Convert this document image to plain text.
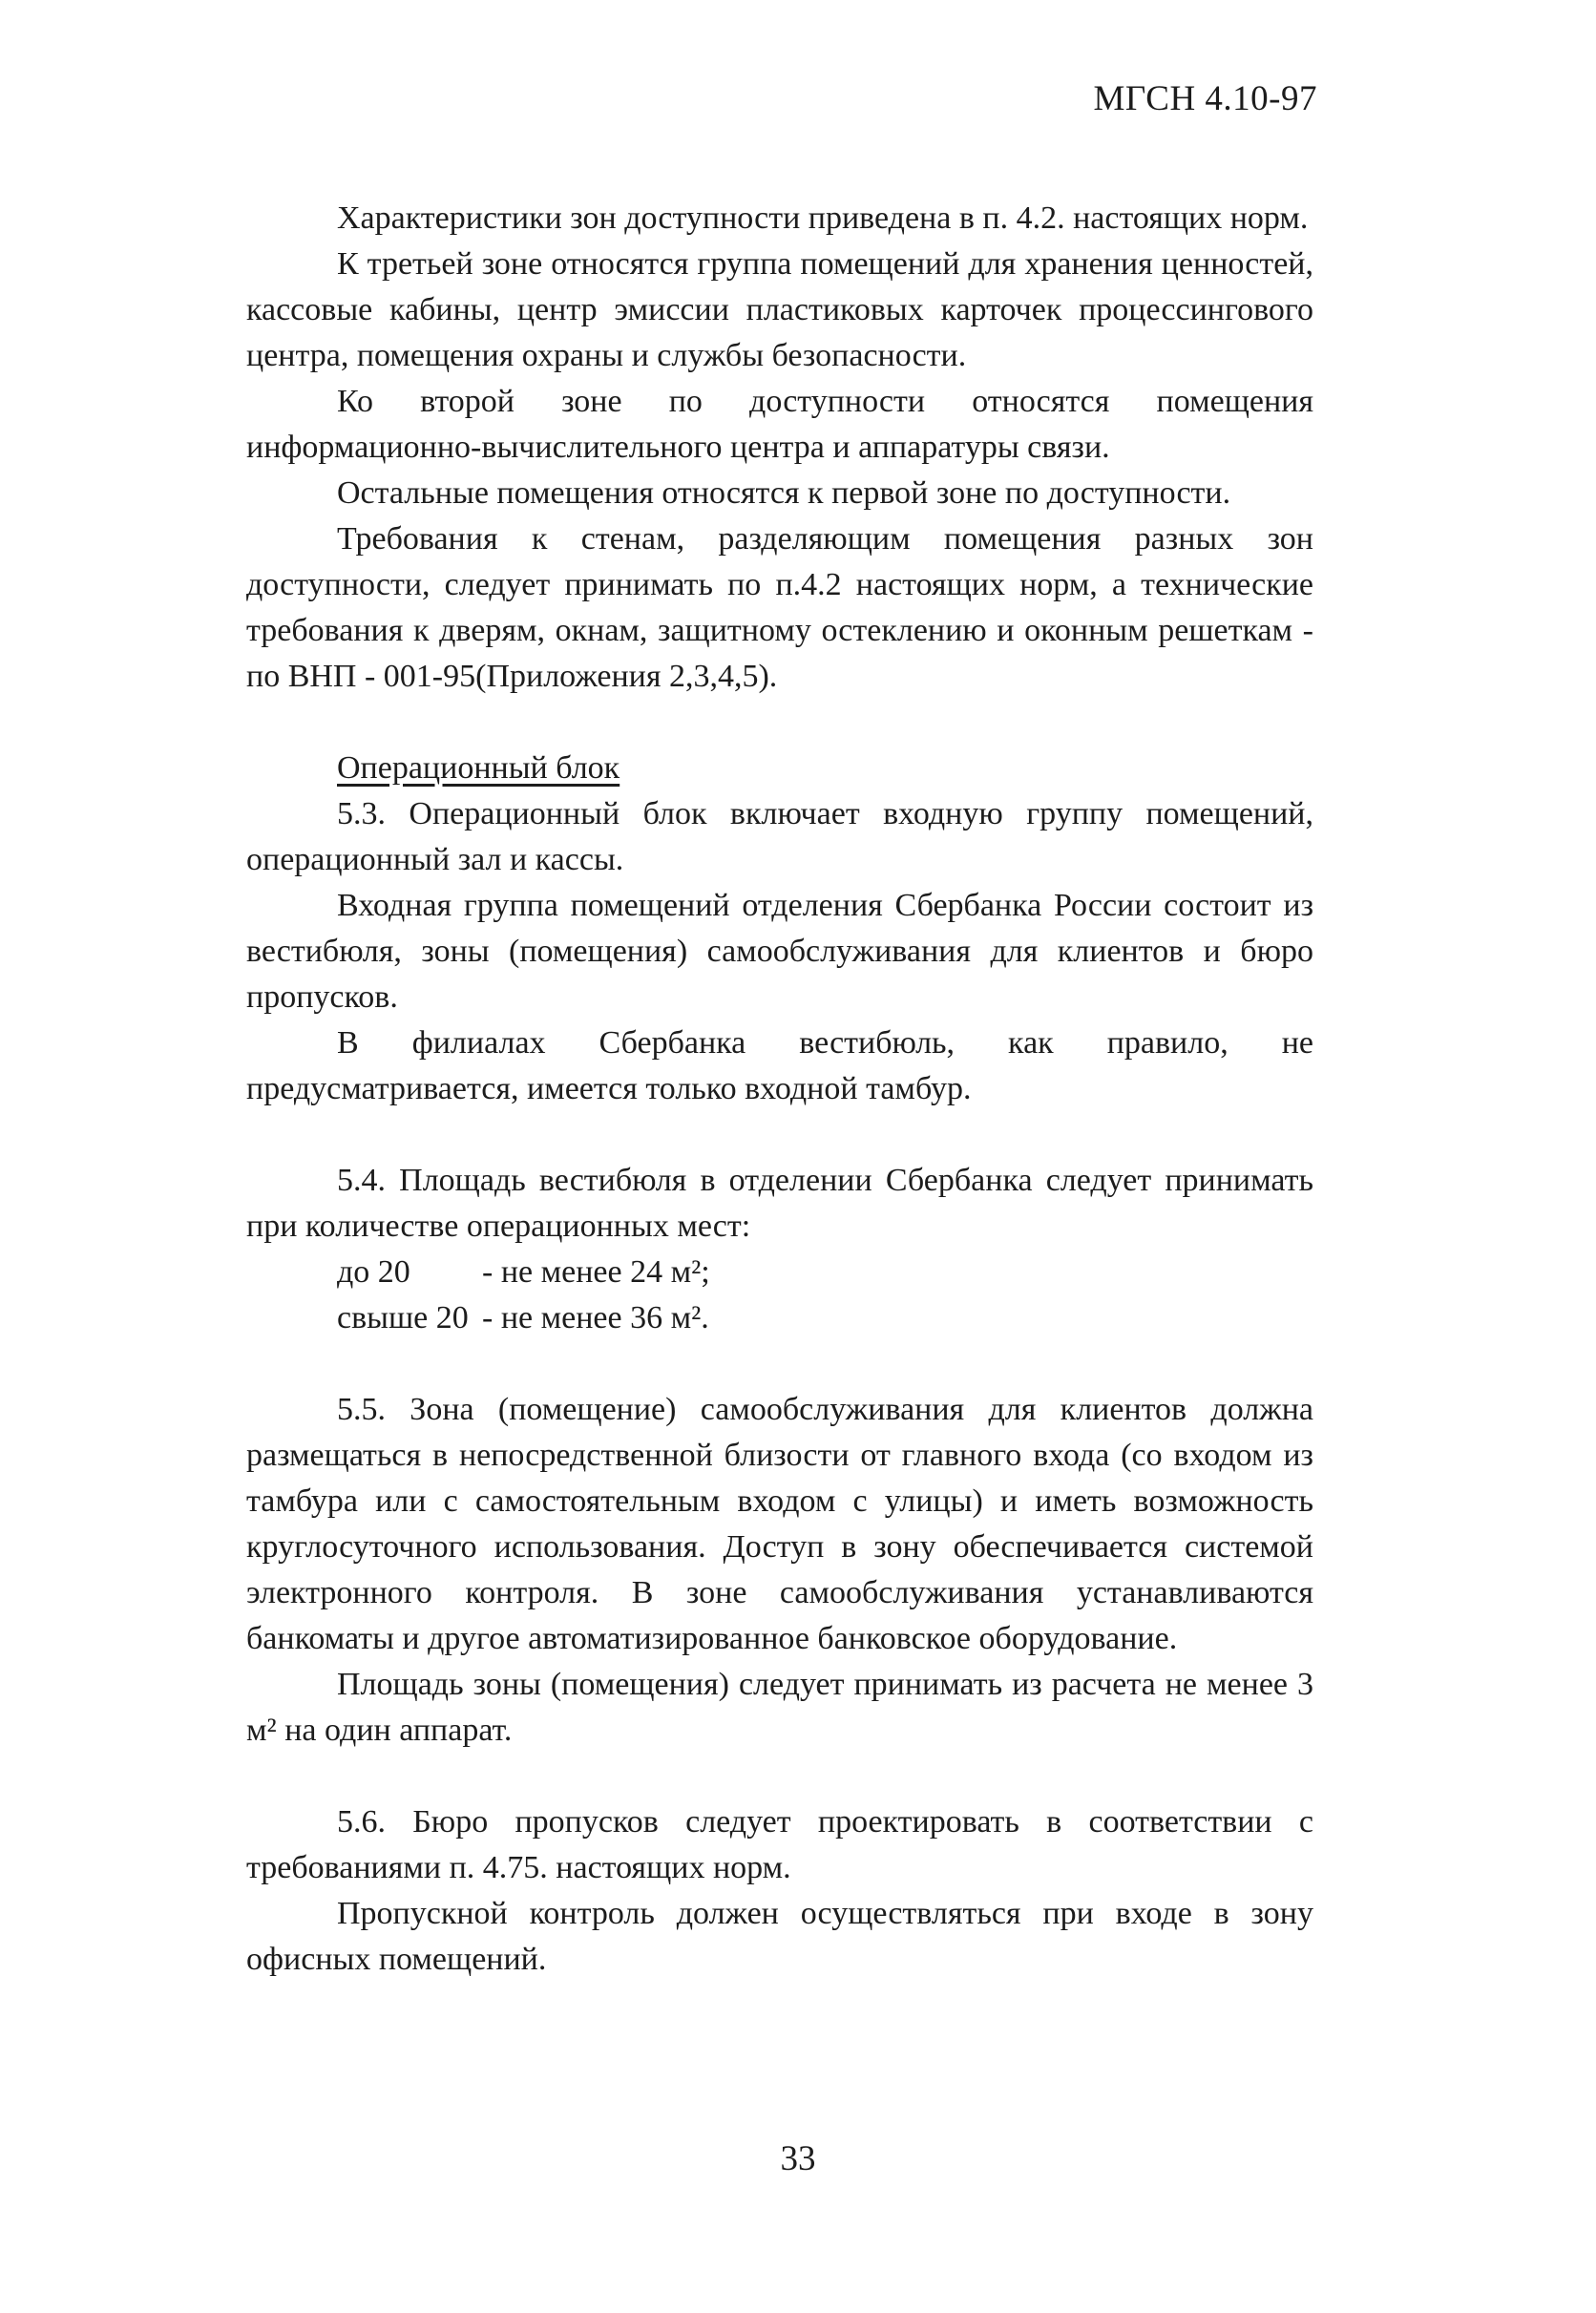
МГСН 4.10-97

Характеристики зон доступности приведена в п. 4.2. настоящих норм.

К третьей зоне относятся группа помещений для хранения ценностей, кассовые кабины, центр эмиссии пластиковых карточек процессингового центра, помещения охраны и службы безопасности.

Ко второй зоне по доступности относятся помещения информационно-вычислительного центра и аппаратуры связи.

Остальные помещения относятся к первой зоне по доступности.

Требования к стенам, разделяющим помещения разных зон доступности, следует принимать по п.4.2 настоящих норм, а технические требования к дверям, окнам, защитному остеклению и оконным решеткам - по ВНП - 001-95(Приложения 2,3,4,5).

Операционный блок

5.3. Операционный блок включает входную группу помещений, операционный зал и кассы.

Входная группа помещений отделения Сбербанка России состоит из вестибюля, зоны (помещения) самообслуживания для клиентов и бюро пропусков.

В филиалах Сбербанка вестибюль, как правило, не предусматривается, имеется только входной тамбур.

5.4. Площадь вестибюля в отделении Сбербанка следует принимать при количестве операционных мест:

до 20	- не менее 24 м²;
свыше 20 - не менее 36 м².

5.5. Зона (помещение) самообслуживания для клиентов должна размещаться в непосредственной близости от главного входа (со входом из тамбура или с самостоятельным входом с улицы) и иметь возможность круглосуточного использования. Доступ в зону обеспечивается системой электронного контроля. В зоне самообслуживания устанавливаются банкоматы и другое автоматизированное банковское оборудование.

Площадь зоны (помещения) следует принимать из расчета не менее 3 м² на один аппарат.

5.6. Бюро пропусков следует проектировать в соответствии с требованиями п. 4.75. настоящих норм.

Пропускной контроль должен осуществляться при входе в зону офисных помещений.

33
